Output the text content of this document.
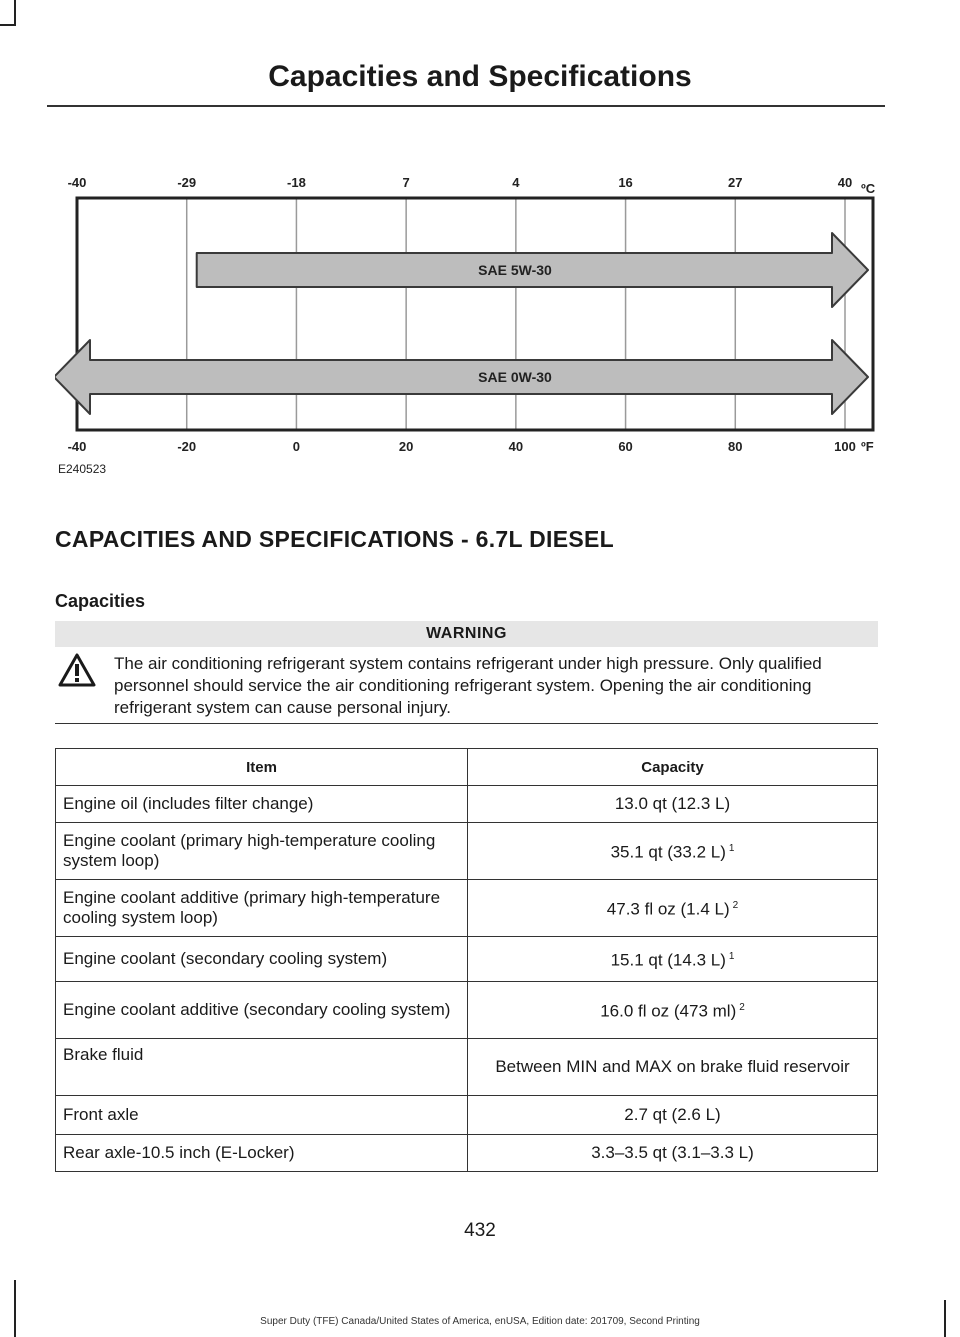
Capacities and Specifications
-40	-29	-18	7	4	16	27	40
-40	-20	0	20	40	60	80	100
ºC
ºF
SAE 5W-30
SAE 0W-30
E240523
CAPACITIES AND SPECIFICATIONS - 6.7L DIESEL
Capacities
WARNING
The air conditioning refrigerant system contains refrigerant under high pressure. Only qualified personnel should service the air conditioning refrigerant system. Opening the air conditioning refrigerant system can cause personal injury.
Item	Capacity
Engine oil (includes filter change)	13.0 qt (12.3 L)
Engine coolant (primary high-temperature cooling system loop)	35.1 qt (33.2 L) $^1$
Engine coolant additive (primary high-temperature cooling system loop)	47.3 fl oz (1.4 L) $^2$
Engine coolant (secondary cooling system)	15.1 qt (14.3 L) $^1$
Engine coolant additive (secondary cooling system)	16.0 fl oz (473 ml) $^2$
Brake fluid	Between MIN and MAX on brake fluid reservoir
Front axle	2.7 qt (2.6 L)
Rear axle-10.5 inch (E-Locker)	3.3–3.5 qt (3.1–3.3 L)
432
Super Duty (TFE) Canada/United States of America, enUSA, Edition date: 201709, Second Printing
